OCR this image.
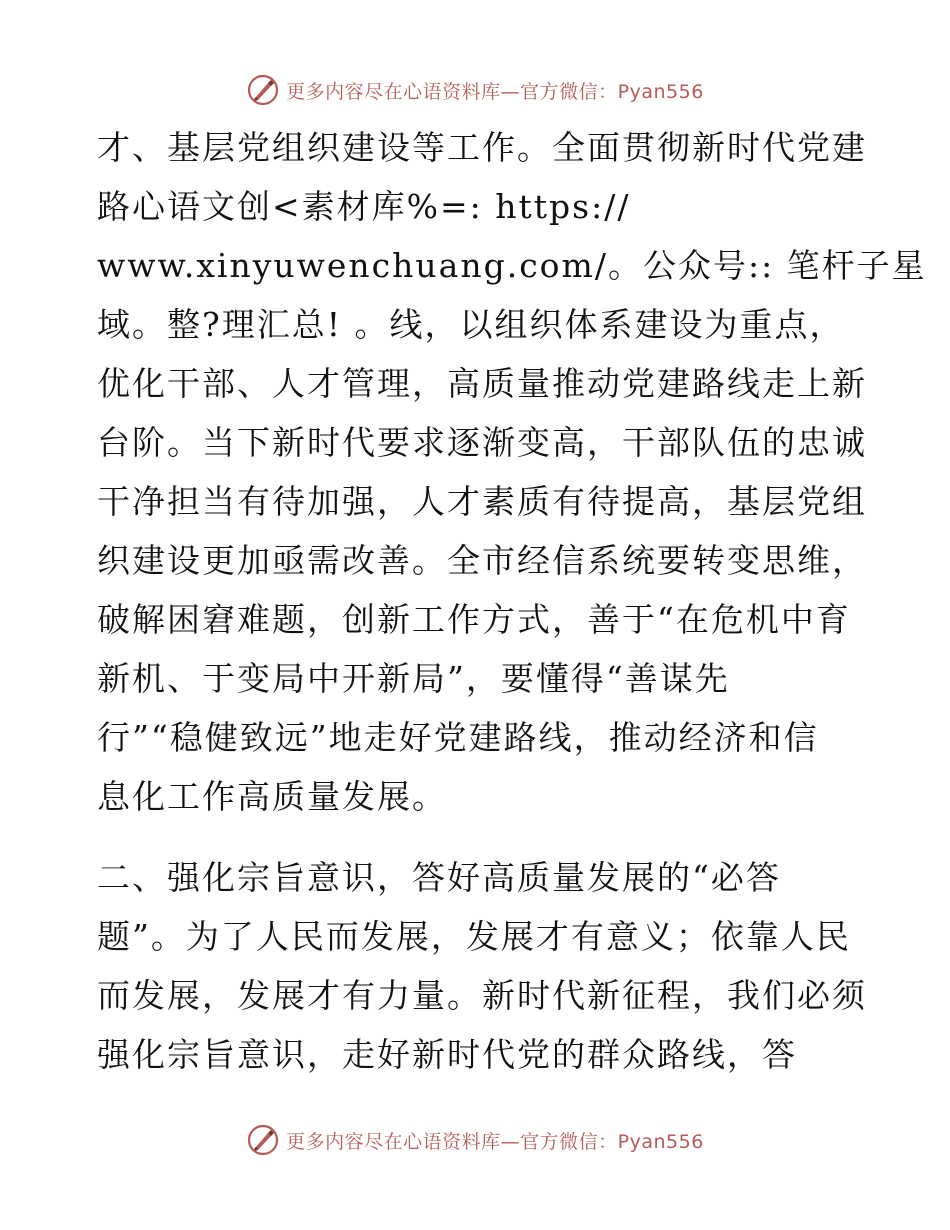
更多内容尽在心语资料库—官方微信：Pyan556
才、基层党组织建设等工作。全面贯彻新时代党建
路心语文创<素材库%=: https://
www.xinyuwenchuang.com/。公众号:: 笔杆子星
域。整?理汇总! 。线，以组织体系建设为重点，
优化干部、人才管理，高质量推动党建路线走上新
台阶。当下新时代要求逐渐变高，干部队伍的忠诚
干净担当有待加强，人才素质有待提高，基层党组
织建设更加亟需改善。全市经信系统要转变思维，
破解困窘难题，创新工作方式，善于“在危机中育
新机、于变局中开新局”，要懂得“善谋先
行”“稳健致远”地走好党建路线，推动经济和信
息化工作高质量发展。
二、强化宗旨意识，答好高质量发展的“必答
题”。为了人民而发展，发展才有意义；依靠人民
而发展，发展才有力量。新时代新征程，我们必须
强化宗旨意识，走好新时代党的群众路线，答
更多内容尽在心语资料库—官方微信：Pyan556
